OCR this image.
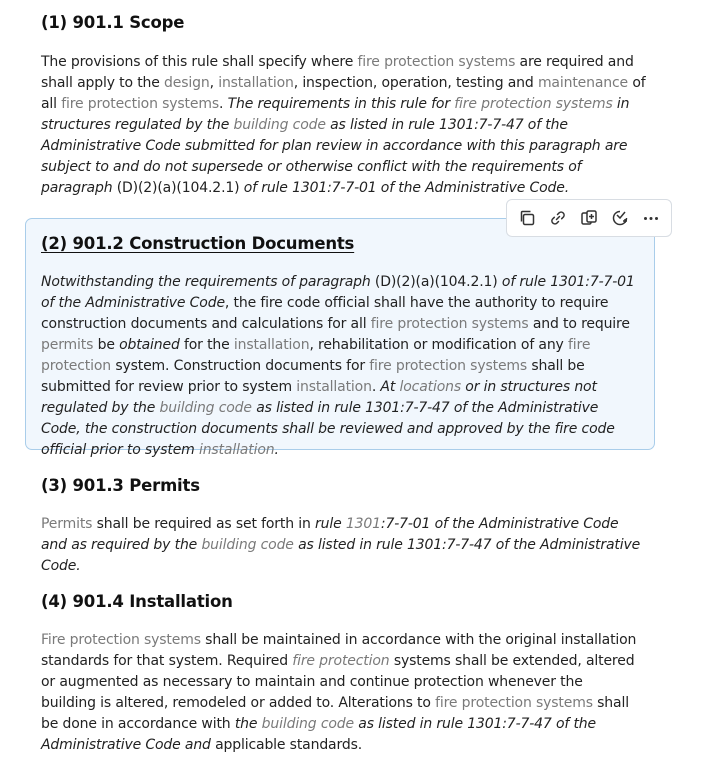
(1) 901.1 Scope

The provisions of this rule shall specify where fire protection systems are required and shall apply to the design, installation, inspection, operation, testing and maintenance of all fire protection systems. The requirements in this rule for fire protection systems in structures regulated by the building code as listed in rule 1301:7-7-47 of the Administrative Code submitted for plan review in accordance with this paragraph are subject to and do not supersede or otherwise conflict with the requirements of paragraph (D)(2)(a)(104.2.1) of rule 1301:7-7-01 of the Administrative Code.

(2) 901.2 Construction Documents

Notwithstanding the requirements of paragraph (D)(2)(a)(104.2.1) of rule 1301:7-7-01 of the Administrative Code, the fire code official shall have the authority to require construction documents and calculations for all fire protection systems and to require permits be obtained for the installation, rehabilitation or modification of any fire protection system. Construction documents for fire protection systems shall be submitted for review prior to system installation. At locations or in structures not regulated by the building code as listed in rule 1301:7-7-47 of the Administrative Code, the construction documents shall be reviewed and approved by the fire code official prior to system installation.

(3) 901.3 Permits

Permits shall be required as set forth in rule 1301:7-7-01 of the Administrative Code and as required by the building code as listed in rule 1301:7-7-47 of the Administrative Code.

(4) 901.4 Installation

Fire protection systems shall be maintained in accordance with the original installation standards for that system. Required fire protection systems shall be extended, altered or augmented as necessary to maintain and continue protection whenever the building is altered, remodeled or added to. Alterations to fire protection systems shall be done in accordance with the building code as listed in rule 1301:7-7-47 of the Administrative Code and applicable standards.
